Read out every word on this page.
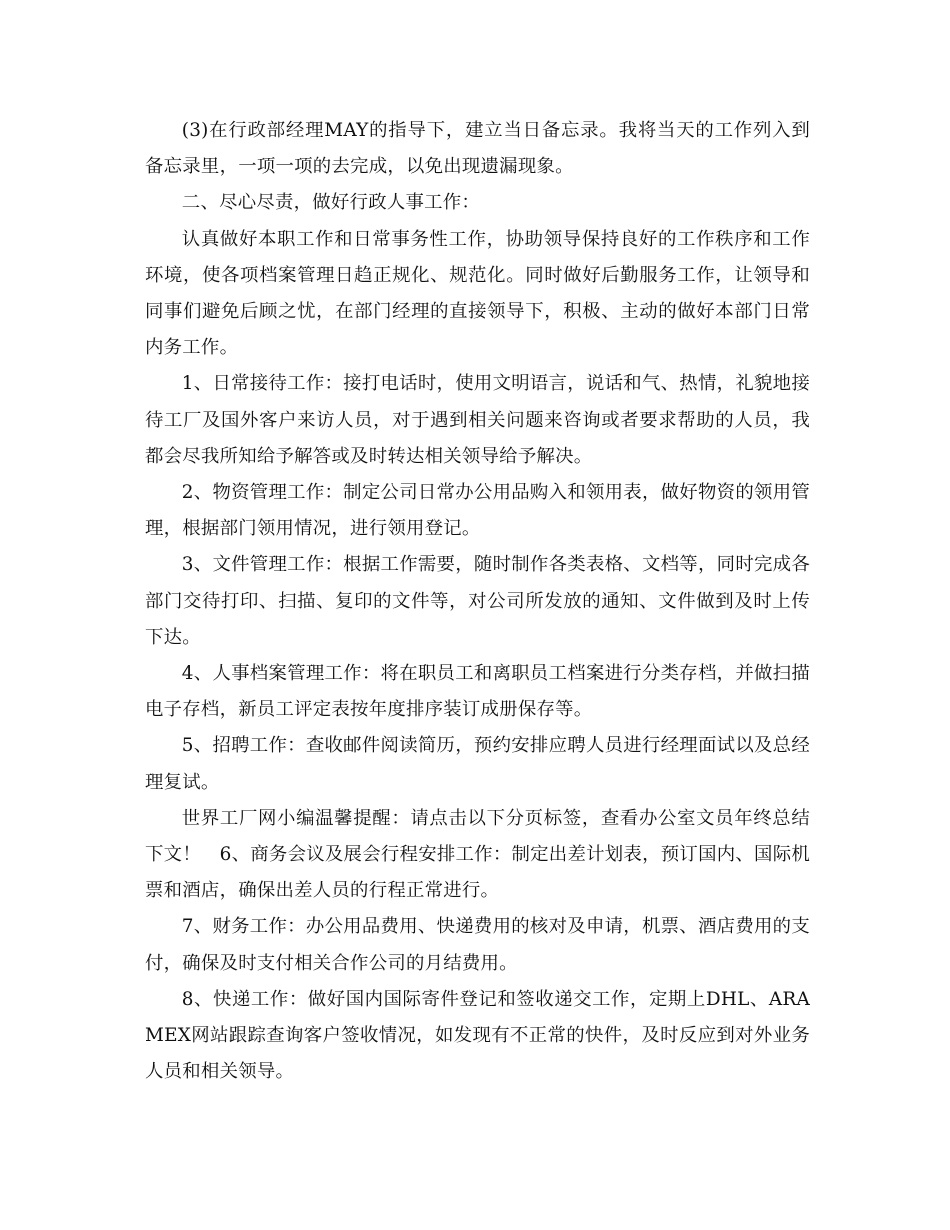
(3)在行政部经理MAY的指导下，建立当日备忘录。我将当天的工作列入到备忘录里，一项一项的去完成，以免出现遗漏现象。

二、尽心尽责，做好行政人事工作：

认真做好本职工作和日常事务性工作，协助领导保持良好的工作秩序和工作环境，使各项档案管理日趋正规化、规范化。同时做好后勤服务工作，让领导和同事们避免后顾之忧，在部门经理的直接领导下，积极、主动的做好本部门日常内务工作。

1、日常接待工作：接打电话时，使用文明语言，说话和气、热情，礼貌地接待工厂及国外客户来访人员，对于遇到相关问题来咨询或者要求帮助的人员，我都会尽我所知给予解答或及时转达相关领导给予解决。

2、物资管理工作：制定公司日常办公用品购入和领用表，做好物资的领用管理，根据部门领用情况，进行领用登记。

3、文件管理工作：根据工作需要，随时制作各类表格、文档等，同时完成各部门交待打印、扫描、复印的文件等，对公司所发放的通知、文件做到及时上传下达。

4、人事档案管理工作：将在职员工和离职员工档案进行分类存档，并做扫描电子存档，新员工评定表按年度排序装订成册保存等。

5、招聘工作：查收邮件阅读简历，预约安排应聘人员进行经理面试以及总经理复试。

世界工厂网小编温馨提醒：请点击以下分页标签，查看办公室文员年终总结下文！　6、商务会议及展会行程安排工作：制定出差计划表，预订国内、国际机票和酒店，确保出差人员的行程正常进行。

7、财务工作：办公用品费用、快递费用的核对及申请，机票、酒店费用的支付，确保及时支付相关合作公司的月结费用。

8、快递工作：做好国内国际寄件登记和签收递交工作，定期上DHL、ARAMEX网站跟踪查询客户签收情况，如发现有不正常的快件，及时反应到对外业务人员和相关领导。
